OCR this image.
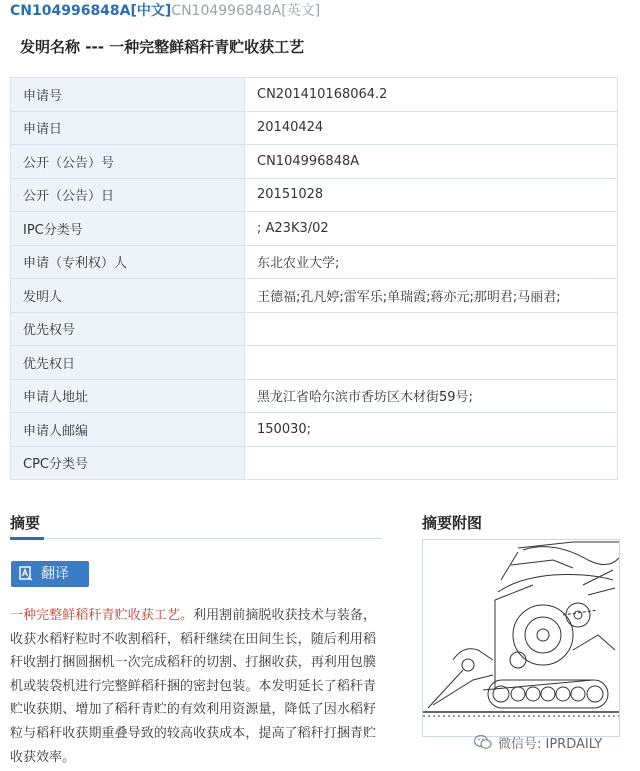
CN104996848A[中文]CN104996848A[英文]
发明名称 --- 一种完整鲜稻秆青贮收获工艺
申请号	CN201410168064.2
申请日	20140424
公开（公告）号	CN104996848A
公开（公告）日	20151028
IPC分类号	; A23K3/02
申请（专利权）人	东北农业大学;
发明人	王德福;孔凡婷;雷军乐;单瑞霞;蒋亦元;那明君;马丽君;
优先权号	
优先权日	
申请人地址	黑龙江省哈尔滨市香坊区木材街59号;
申请人邮编	150030;
CPC分类号	
摘要
翻译
一种完整鲜稻秆青贮收获工艺。利用割前摘脱收获技术与装备，收获水稻籽粒时不收割稻秆，稻秆继续在田间生长，随后利用稻秆收割打捆圆捆机一次完成稻秆的切割、打捆收获，再利用包膜机或装袋机进行完整鲜稻秆捆的密封包装。本发明延长了稻秆青贮收获期、增加了稻秆青贮的有效利用资源量，降低了因水稻籽粒与稻秆收获期重叠导致的较高收获成本，提高了稻秆打捆青贮收获效率。
摘要附图
微信号: IPRDAILY
